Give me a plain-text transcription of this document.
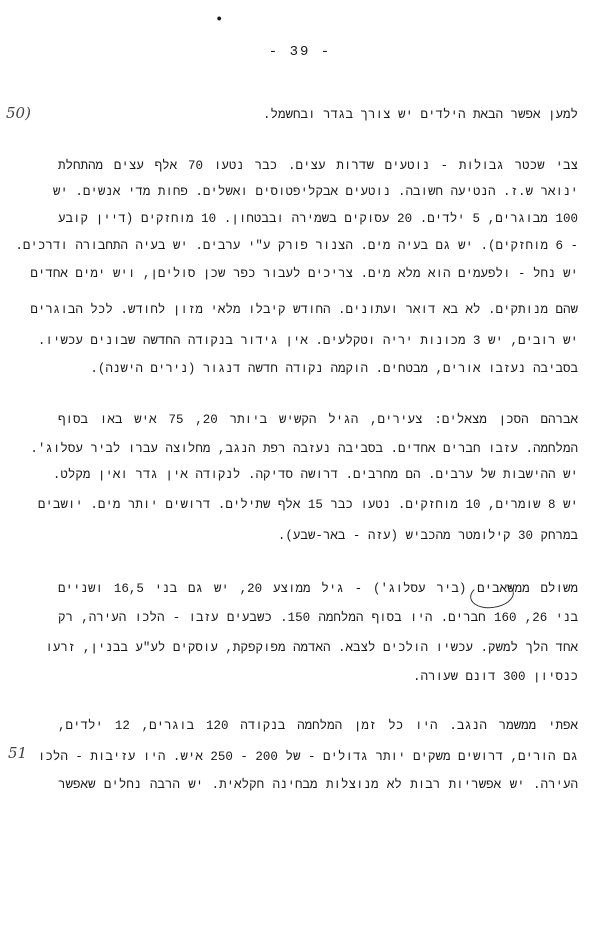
•
- 39 -
50)
51
למען אפשר הבאת הילדים יש צורך בגדר ובחשמל.
צבי שכטר גבולות - נוטעים שדרות עצים. כבר נטעו 70 אלף עצים מהתחלת
ינואר ש.ז. הנטיעה חשובה. נוטעים אבקליפטוסים ואשלים. פחות מדי אנשים. יש
100 מבוגרים, 5 ילדים. 20 עסוקים בשמירה ובבטחון. 10 מוחזקים (דיין קובע
- 6 מוחזקים). יש גם בעיה מים. הצנור פורק ע"י ערבים. יש בעיה התחבורה ודרכים.
יש נחל - ולפעמים הוא מלא מים. צריכים לעבור כפר שכן סוליםן, ויש ימים אחדים
שהם מנותקים. לא בא דואר ועתונים. החודש קיבלו מלאי מזון לחודש. לכל הבוגרים
יש רובים, יש 3 מכונות יריה וטקלעים. אין גידור בנקודה החדשה שבונים עכשיו.
בסביבה נעזבו אורים, מבטחים. הוקמה נקודה חדשה דנגור (נירים הישנה).
אברהם הסכן מצאלים: צעירים, הגיל הקשיש ביותר 20, 75 איש באו בסוף
המלחמה. עזבו חברים אחדים. בסביבה נעזבה רפת הנגב, מחלוצה עברו לביר עסלוג'.
יש ההישבות של ערבים. הם מחרבים. דרושה סדיקה. לנקודה אין גדר ואין מקלט.
יש 8 שומרים, 10 מוחזקים. נטעו כבר 15 אלף שתילים. דרושים יותר מים. יושבים
במרחק 30 קילומטר מהכביש (עזה - באר-שבע).
משולם ממשאבים (ביר עסלוג') - גיל ממוצע 20, יש גם בני 16,5 ושניים
בני 26, 160 חברים. היו בסוף המלחמה 150. כשבעים עזבו - הלכו העירה, רק
אחד הלך למשק. עכשיו הולכים לצבא. האדמה מפוקפקת, עוסקים לע"ע בבנין, זרעו
כנסיון 300 דונם שעורה.
אפתי ממשמר הנגב. היו כל זמן המלחמה בנקודה 120 בוגרים, 12 ילדים,
גם הורים, דרושים משקים יותר גדולים - של 200 - 250 איש. היו עזיבות - הלכו
העירה. יש אפשריות רבות לא מנוצלות מבחינה חקלאית. יש הרבה נחלים שאפשר
